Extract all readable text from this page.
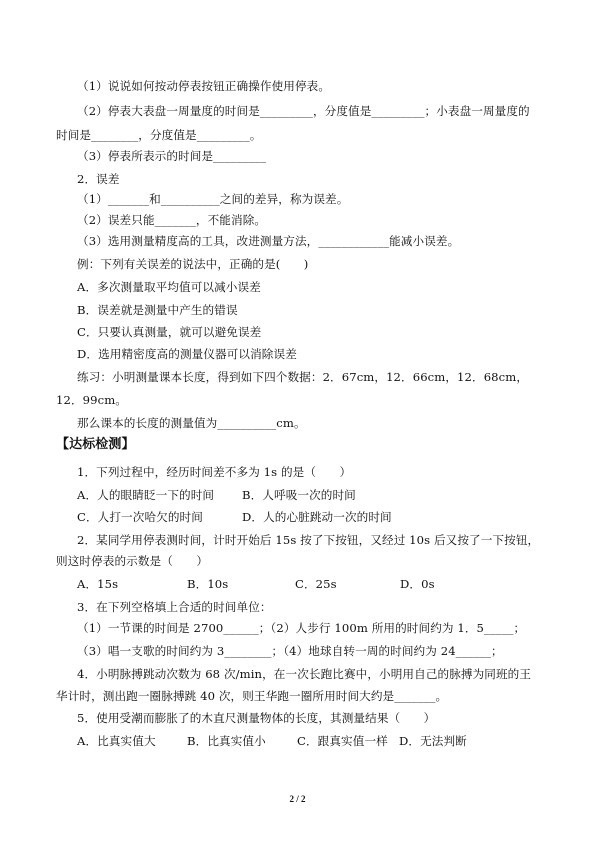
（1）说说如何按动停表按钮正确操作使用停表。
（2）停表大表盘一周量度的时间是_________，分度值是_________；小表盘一周量度的
时间是________，分度值是_________。
（3）停表所表示的时间是_________
2．误差
（1）_______和__________之间的差异，称为误差。
（2）误差只能_______，不能消除。
（3）选用测量精度高的工具，改进测量方法，____________能减小误差。
例：下列有关误差的说法中，正确的是(　　)
A．多次测量取平均值可以减小误差
B．误差就是测量中产生的错误
C．只要认真测量，就可以避免误差
D．选用精密度高的测量仪器可以消除误差
练习：小明测量课本长度，得到如下四个数据：2．67cm，12．66cm，12．68cm，
12．99cm。
那么课本的长度的测量值为__________cm。
【达标检测】
1．下列过程中，经历时间差不多为 1s 的是（　　）
A．人的眼睛眨一下的时间	B．人呼吸一次的时间
C．人打一次哈欠的时间	D．人的心脏跳动一次的时间
2．某同学用停表测时间，计时开始后 15s 按了下按钮，又经过 10s 后又按了一下按钮，
则这时停表的示数是（　　）
A．15s	B．10s	C．25s	D．0s
3．在下列空格填上合适的时间单位：
（1）一节课的时间是 2700______；（2）人步行 100m 所用的时间约为 1．5_____；
（3）唱一支歌的时间约为 3________；（4）地球自转一周的时间约为 24______；
4．小明脉搏跳动次数为 68 次/min，在一次长跑比赛中，小明用自己的脉搏为同班的王
华计时，测出跑一圈脉搏跳 40 次，则王华跑一圈所用时间大约是_______。
5．使用受潮而膨胀了的木直尺测量物体的长度，其测量结果（　　）
A．比真实值大	B．比真实值小	C．跟真实值一样 D．无法判断
2 / 2
